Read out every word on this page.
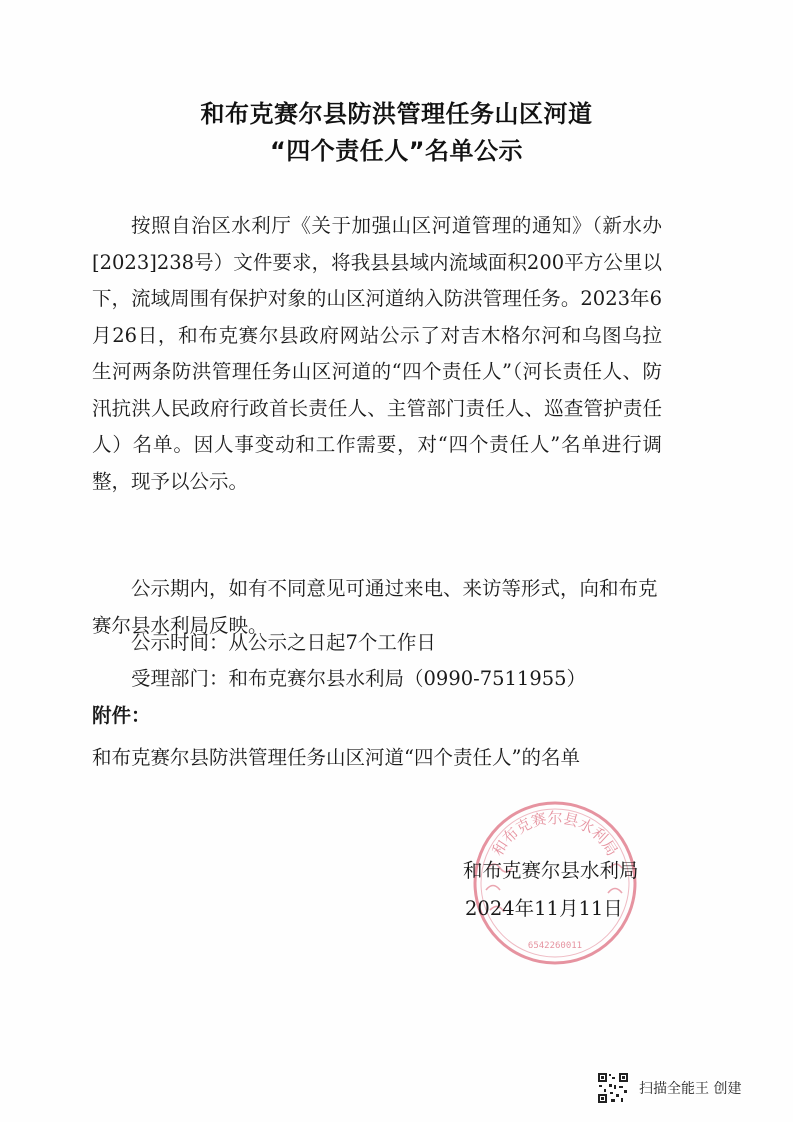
和布克赛尔县防洪管理任务山区河道
“四个责任人”名单公示
按照自治区水利厅《关于加强山区河道管理的通知》（新水办[2023]238号）文件要求，将我县县域内流域面积200平方公里以下，流域周围有保护对象的山区河道纳入防洪管理任务。2023年6月26日，和布克赛尔县政府网站公示了对吉木格尔河和乌图乌拉生河两条防洪管理任务山区河道的“四个责任人”（河长责任人、防汛抗洪人民政府行政首长责任人、主管部门责任人、巡查管护责任人）名单。因人事变动和工作需要，对“四个责任人”名单进行调整，现予以公示。
公示期内，如有不同意见可通过来电、来访等形式，向和布克赛尔县水利局反映。
公示时间：从公示之日起7个工作日
受理部门：和布克赛尔县水利局（0990-7511955）
附件：
和布克赛尔县防洪管理任务山区河道“四个责任人”的名单
和布克赛尔县水利局
6542260011
和布克赛尔县水利局
2024年11月11日
扫描全能王 创建
